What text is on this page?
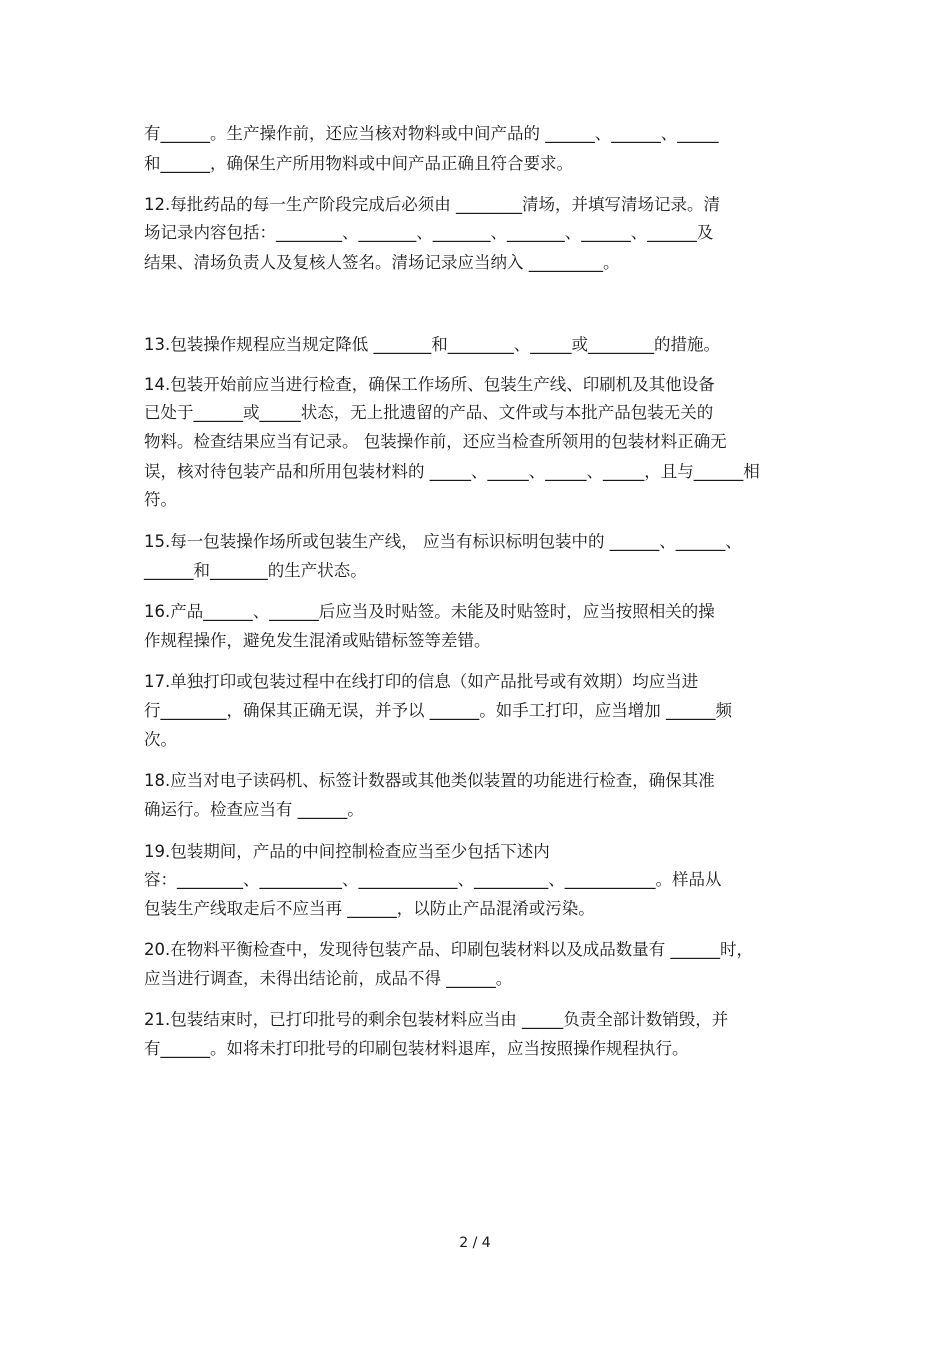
有______。生产操作前，还应当核对物料或中间产品的 ______、______、_____
和______，确保生产所用物料或中间产品正确且符合要求。
12.每批药品的每一生产阶段完成后必须由 ________清场，并填写清场记录。清
场记录内容包括：________、_______、_______、_______、______、______及
结果、清场负责人及复核人签名。清场记录应当纳入 _________。
13.包装操作规程应当规定降低 _______和________、_____或________的措施。
14.包装开始前应当进行检查，确保工作场所、包装生产线、印刷机及其他设备
已处于______或_____状态，无上批遗留的产品、文件或与本批产品包装无关的
物料。检查结果应当有记录。 包装操作前，还应当检查所领用的包装材料正确无
误，核对待包装产品和所用包装材料的 _____、_____、_____、_____，且与______相
符。
15.每一包装操作场所或包装生产线， 应当有标识标明包装中的 ______、______、
______和_______的生产状态。
16.产品______、______后应当及时贴签。未能及时贴签时，应当按照相关的操
作规程操作，避免发生混淆或贴错标签等差错。
17.单独打印或包装过程中在线打印的信息（如产品批号或有效期）均应当进
行________，确保其正确无误，并予以 ______。如手工打印，应当增加 ______频
次。
18.应当对电子读码机、标签计数器或其他类似装置的功能进行检查，确保其准
确运行。检查应当有 ______。
19.包装期间，产品的中间控制检查应当至少包括下述内
容：________、__________、____________、_________、___________。样品从
包装生产线取走后不应当再 ______，以防止产品混淆或污染。
20.在物料平衡检查中，发现待包装产品、印刷包装材料以及成品数量有 ______时，
应当进行调查，未得出结论前，成品不得 ______。
21.包装结束时，已打印批号的剩余包装材料应当由 _____负责全部计数销毁，并
有______。如将未打印批号的印刷包装材料退库，应当按照操作规程执行。
2 / 4
